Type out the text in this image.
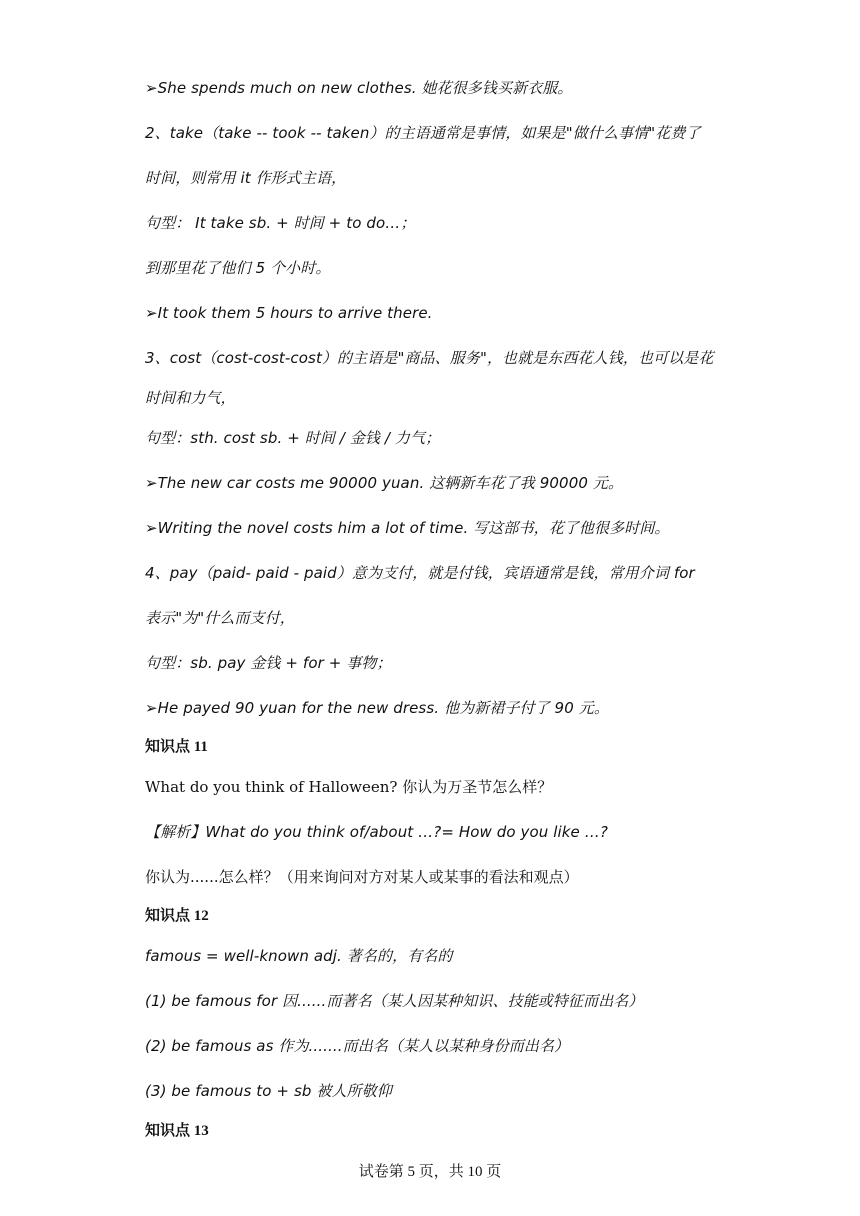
➢She spends much on new clothes. 她花很多钱买新衣服。
2、take（take -- took -- taken）的主语通常是事情，如果是"做什么事情"花费了
时间，则常用 it 作形式主语，
句型： It take sb. + 时间 + to do…；
到那里花了他们 5 个小时。
➢It took them 5 hours to arrive there.
3、cost（cost-cost-cost）的主语是"商品、服务"，也就是东西花人钱，也可以是花
时间和力气，
句型：sth. cost sb. + 时间 / 金钱 / 力气；
➢The new car costs me 90000 yuan. 这辆新车花了我 90000 元。
➢Writing the novel costs him a lot of time. 写这部书，花了他很多时间。
4、pay（paid- paid - paid）意为支付，就是付钱，宾语通常是钱，常用介词 for
表示"为"什么而支付，
句型：sb. pay 金钱 + for + 事物；
➢He payed 90 yuan for the new dress. 他为新裙子付了 90 元。
知识点 11
What do you think of Halloween? 你认为万圣节怎么样？
【解析】What do you think of/about …?= How do you like …?
你认为......怎么样？（用来询问对方对某人或某事的看法和观点）
知识点 12
famous = well-known adj. 著名的，有名的
(1) be famous for 因......而著名（某人因某种知识、技能或特征而出名）
(2) be famous as 作为.......而出名（某人以某种身份而出名）
(3) be famous to + sb 被人所敬仰
知识点 13
试卷第 5 页，共 10 页
